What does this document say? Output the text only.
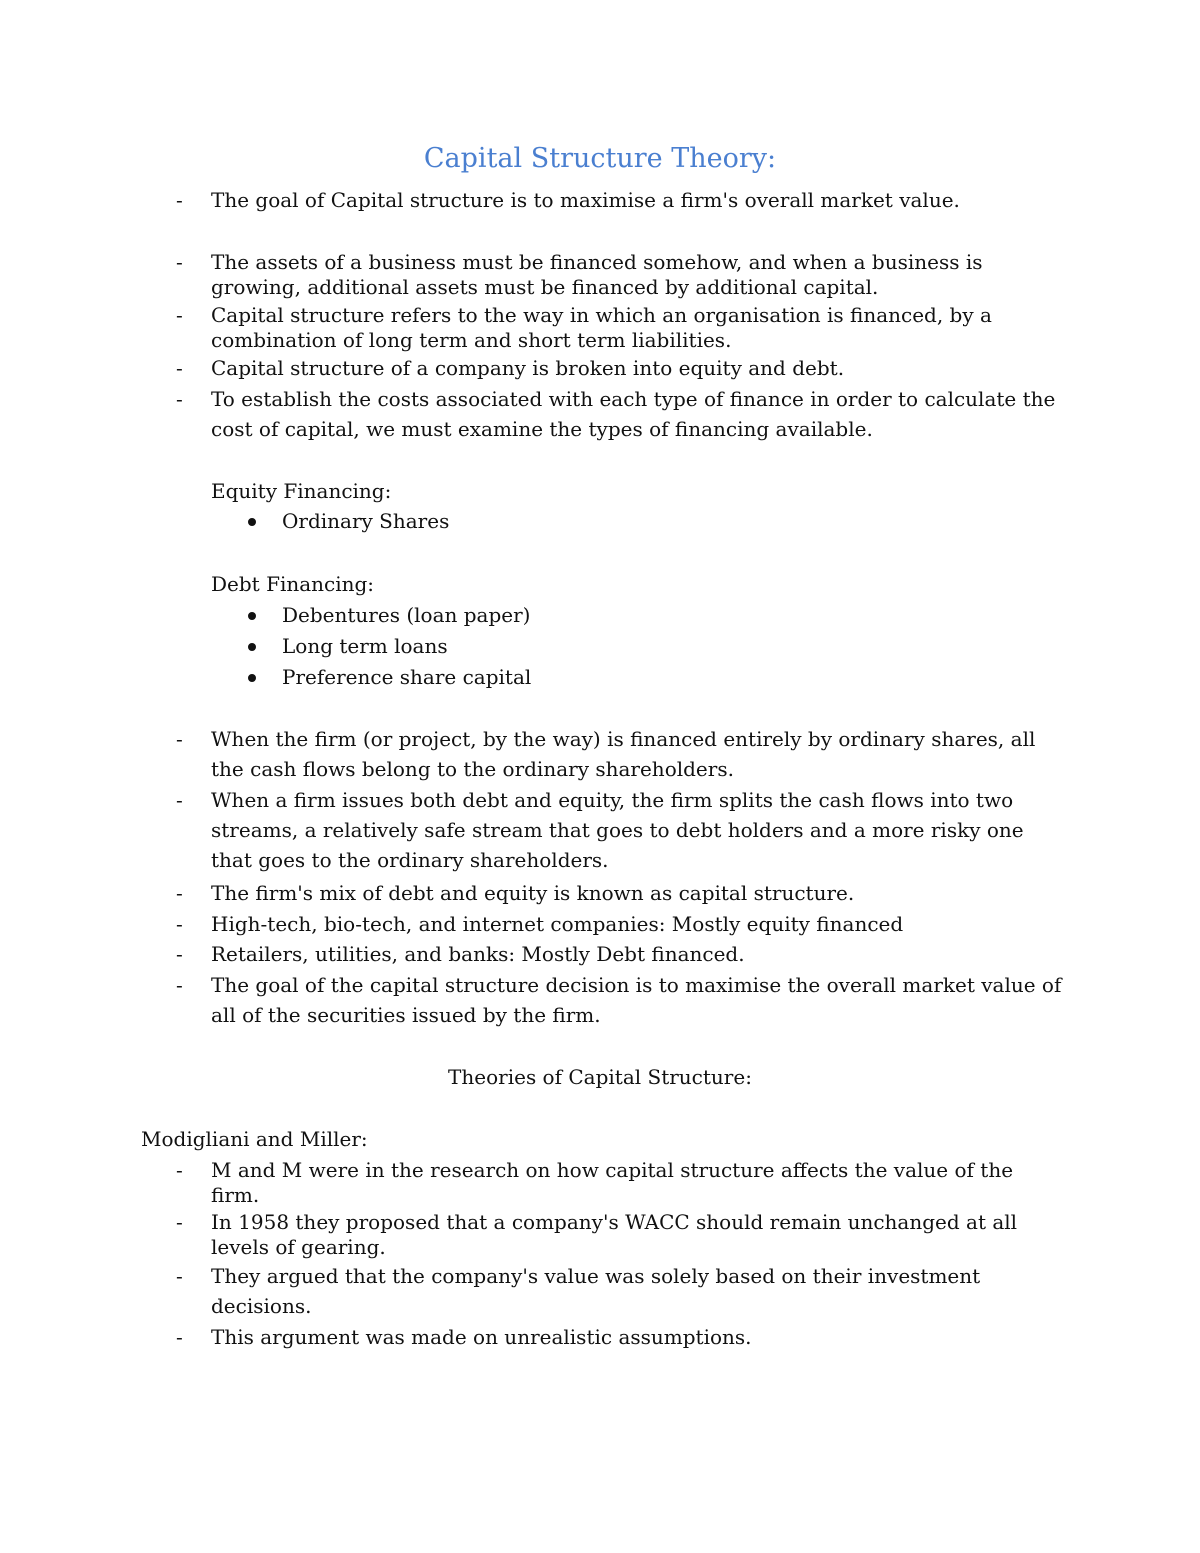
Capital Structure Theory:
-	The goal of Capital structure is to maximise a firm's overall market value.
-	The assets of a business must be financed somehow, and when a business is growing, additional assets must be financed by additional capital.
-	Capital structure refers to the way in which an organisation is financed, by a combination of long term and short term liabilities.
-	Capital structure of a company is broken into equity and debt.
-	To establish the costs associated with each type of finance in order to calculate the cost of capital, we must examine the types of financing available.
Equity Financing:
Ordinary Shares
Debt Financing:
Debentures (loan paper)
Long term loans
Preference share capital
-	When the firm (or project, by the way) is financed entirely by ordinary shares, all the cash flows belong to the ordinary shareholders.
-	When a firm issues both debt and equity, the firm splits the cash flows into two streams, a relatively safe stream that goes to debt holders and a more risky one that goes to the ordinary shareholders.
-	The firm's mix of debt and equity is known as capital structure.
-	High-tech, bio-tech, and internet companies: Mostly equity financed
-	Retailers, utilities, and banks: Mostly Debt financed.
-	The goal of the capital structure decision is to maximise the overall market value of all of the securities issued by the firm.
Theories of Capital Structure:
Modigliani and Miller:
-	M and M were in the research on how capital structure affects the value of the firm.
-	In 1958 they proposed that a company's WACC should remain unchanged at all levels of gearing.
-	They argued that the company's value was solely based on their investment decisions.
-	This argument was made on unrealistic assumptions.
